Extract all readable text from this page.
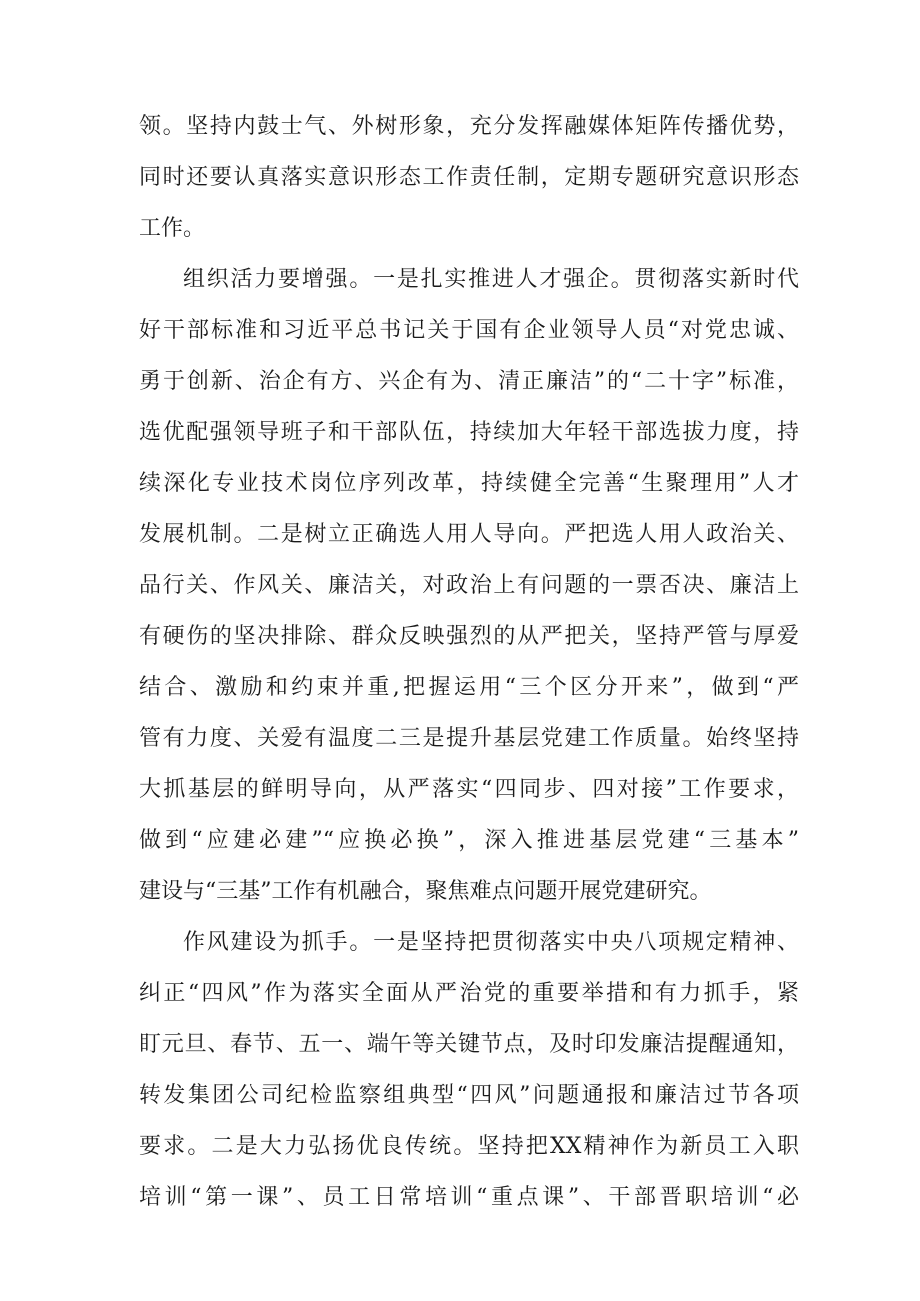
领。坚持内鼓士气、外树形象，充分发挥融媒体矩阵传播优势，
同时还要认真落实意识形态工作责任制，定期专题研究意识形态
工作。
组织活力要增强。一是扎实推进人才强企。贯彻落实新时代
好干部标准和习近平总书记关于国有企业领导人员“对党忠诚、
勇于创新、治企有方、兴企有为、清正廉洁”的“二十字”标准，
选优配强领导班子和干部队伍，持续加大年轻干部选拔力度，持
续深化专业技术岗位序列改革，持续健全完善“生聚理用”人才
发展机制。二是树立正确选人用人导向。严把选人用人政治关、
品行关、作风关、廉洁关，对政治上有问题的一票否决、廉洁上
有硬伤的坚决排除、群众反映强烈的从严把关，坚持严管与厚爱
结合、激励和约束并重,把握运用“三个区分开来”，做到“严
管有力度、关爱有温度二三是提升基层党建工作质量。始终坚持
大抓基层的鲜明导向，从严落实“四同步、四对接”工作要求，
做到“应建必建”“应换必换”，深入推进基层党建“三基本”
建设与“三基”工作有机融合，聚焦难点问题开展党建研究。
作风建设为抓手。一是坚持把贯彻落实中央八项规定精神、
纠正“四风”作为落实全面从严治党的重要举措和有力抓手，紧
盯元旦、春节、五一、端午等关键节点，及时印发廉洁提醒通知，
转发集团公司纪检监察组典型“四风”问题通报和廉洁过节各项
要求。二是大力弘扬优良传统。坚持把XX精神作为新员工入职
培训“第一课”、员工日常培训“重点课”、干部晋职培训“必
